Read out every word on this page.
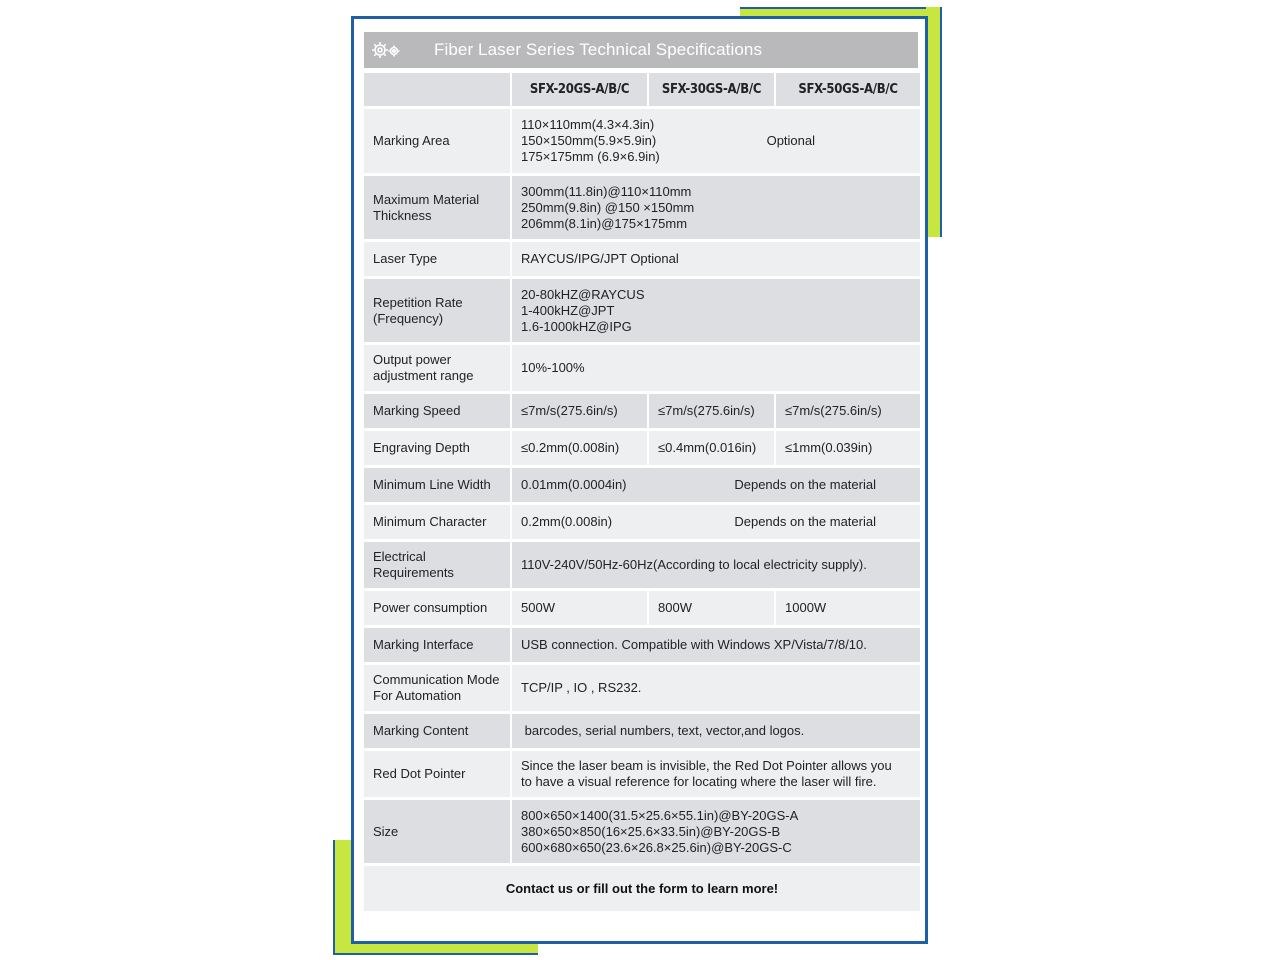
Fiber Laser Series Technical Specifications
	SFX-20GS-A/B/C	SFX-30GS-A/B/C	SFX-50GS-A/B/C
Marking Area	110×110mm(4.3×4.3in)
150×150mm(5.9×5.9in)
175×175mm (6.9×6.9in)
Optional		

Maximum Material Thickness	300mm(11.8in)@110×110mm
250mm(9.8in) @150 ×150mm
206mm(8.1in)@175×175mm		

Laser Type	RAYCUS/IPG/JPT Optional		
Repetition Rate (Frequency)	20-80kHZ@RAYCUS
1-400kHZ@JPT
1.6-1000kHZ@IPG		

Output power adjustment range	10%-100%		
Marking Speed	≤7m/s(275.6in/s)	≤7m/s(275.6in/s)	≤7m/s(275.6in/s)
Engraving Depth	≤0.2mm(0.008in)	≤0.4mm(0.016in)	≤1mm(0.039in)
Minimum Line Width	0.01mm(0.0004in) Depends on the material		

Minimum Character	0.2mm(0.008in) Depends on the material		

Electrical Requirements	110V-240V/50Hz-60Hz(According to local electricity supply).		
Power consumption	500W	800W	1000W
Marking Interface	USB connection. Compatible with Windows XP/Vista/7/8/10.		
Communication Mode For Automation	TCP/IP , IO , RS232.		
Marking Content	barcodes, serial numbers, text, vector,and logos.		
Red Dot Pointer	Since the laser beam is invisible, the Red Dot Pointer allows you
to have a visual reference for locating where the laser will fire.		

Size	800×650×1400(31.5×25.6×55.1in)@BY-20GS-A
380×650×850(16×25.6×33.5in)@BY-20GS-B
600×680×650(23.6×26.8×25.6in)@BY-20GS-C		

Contact us or fill out the form to learn more!			
